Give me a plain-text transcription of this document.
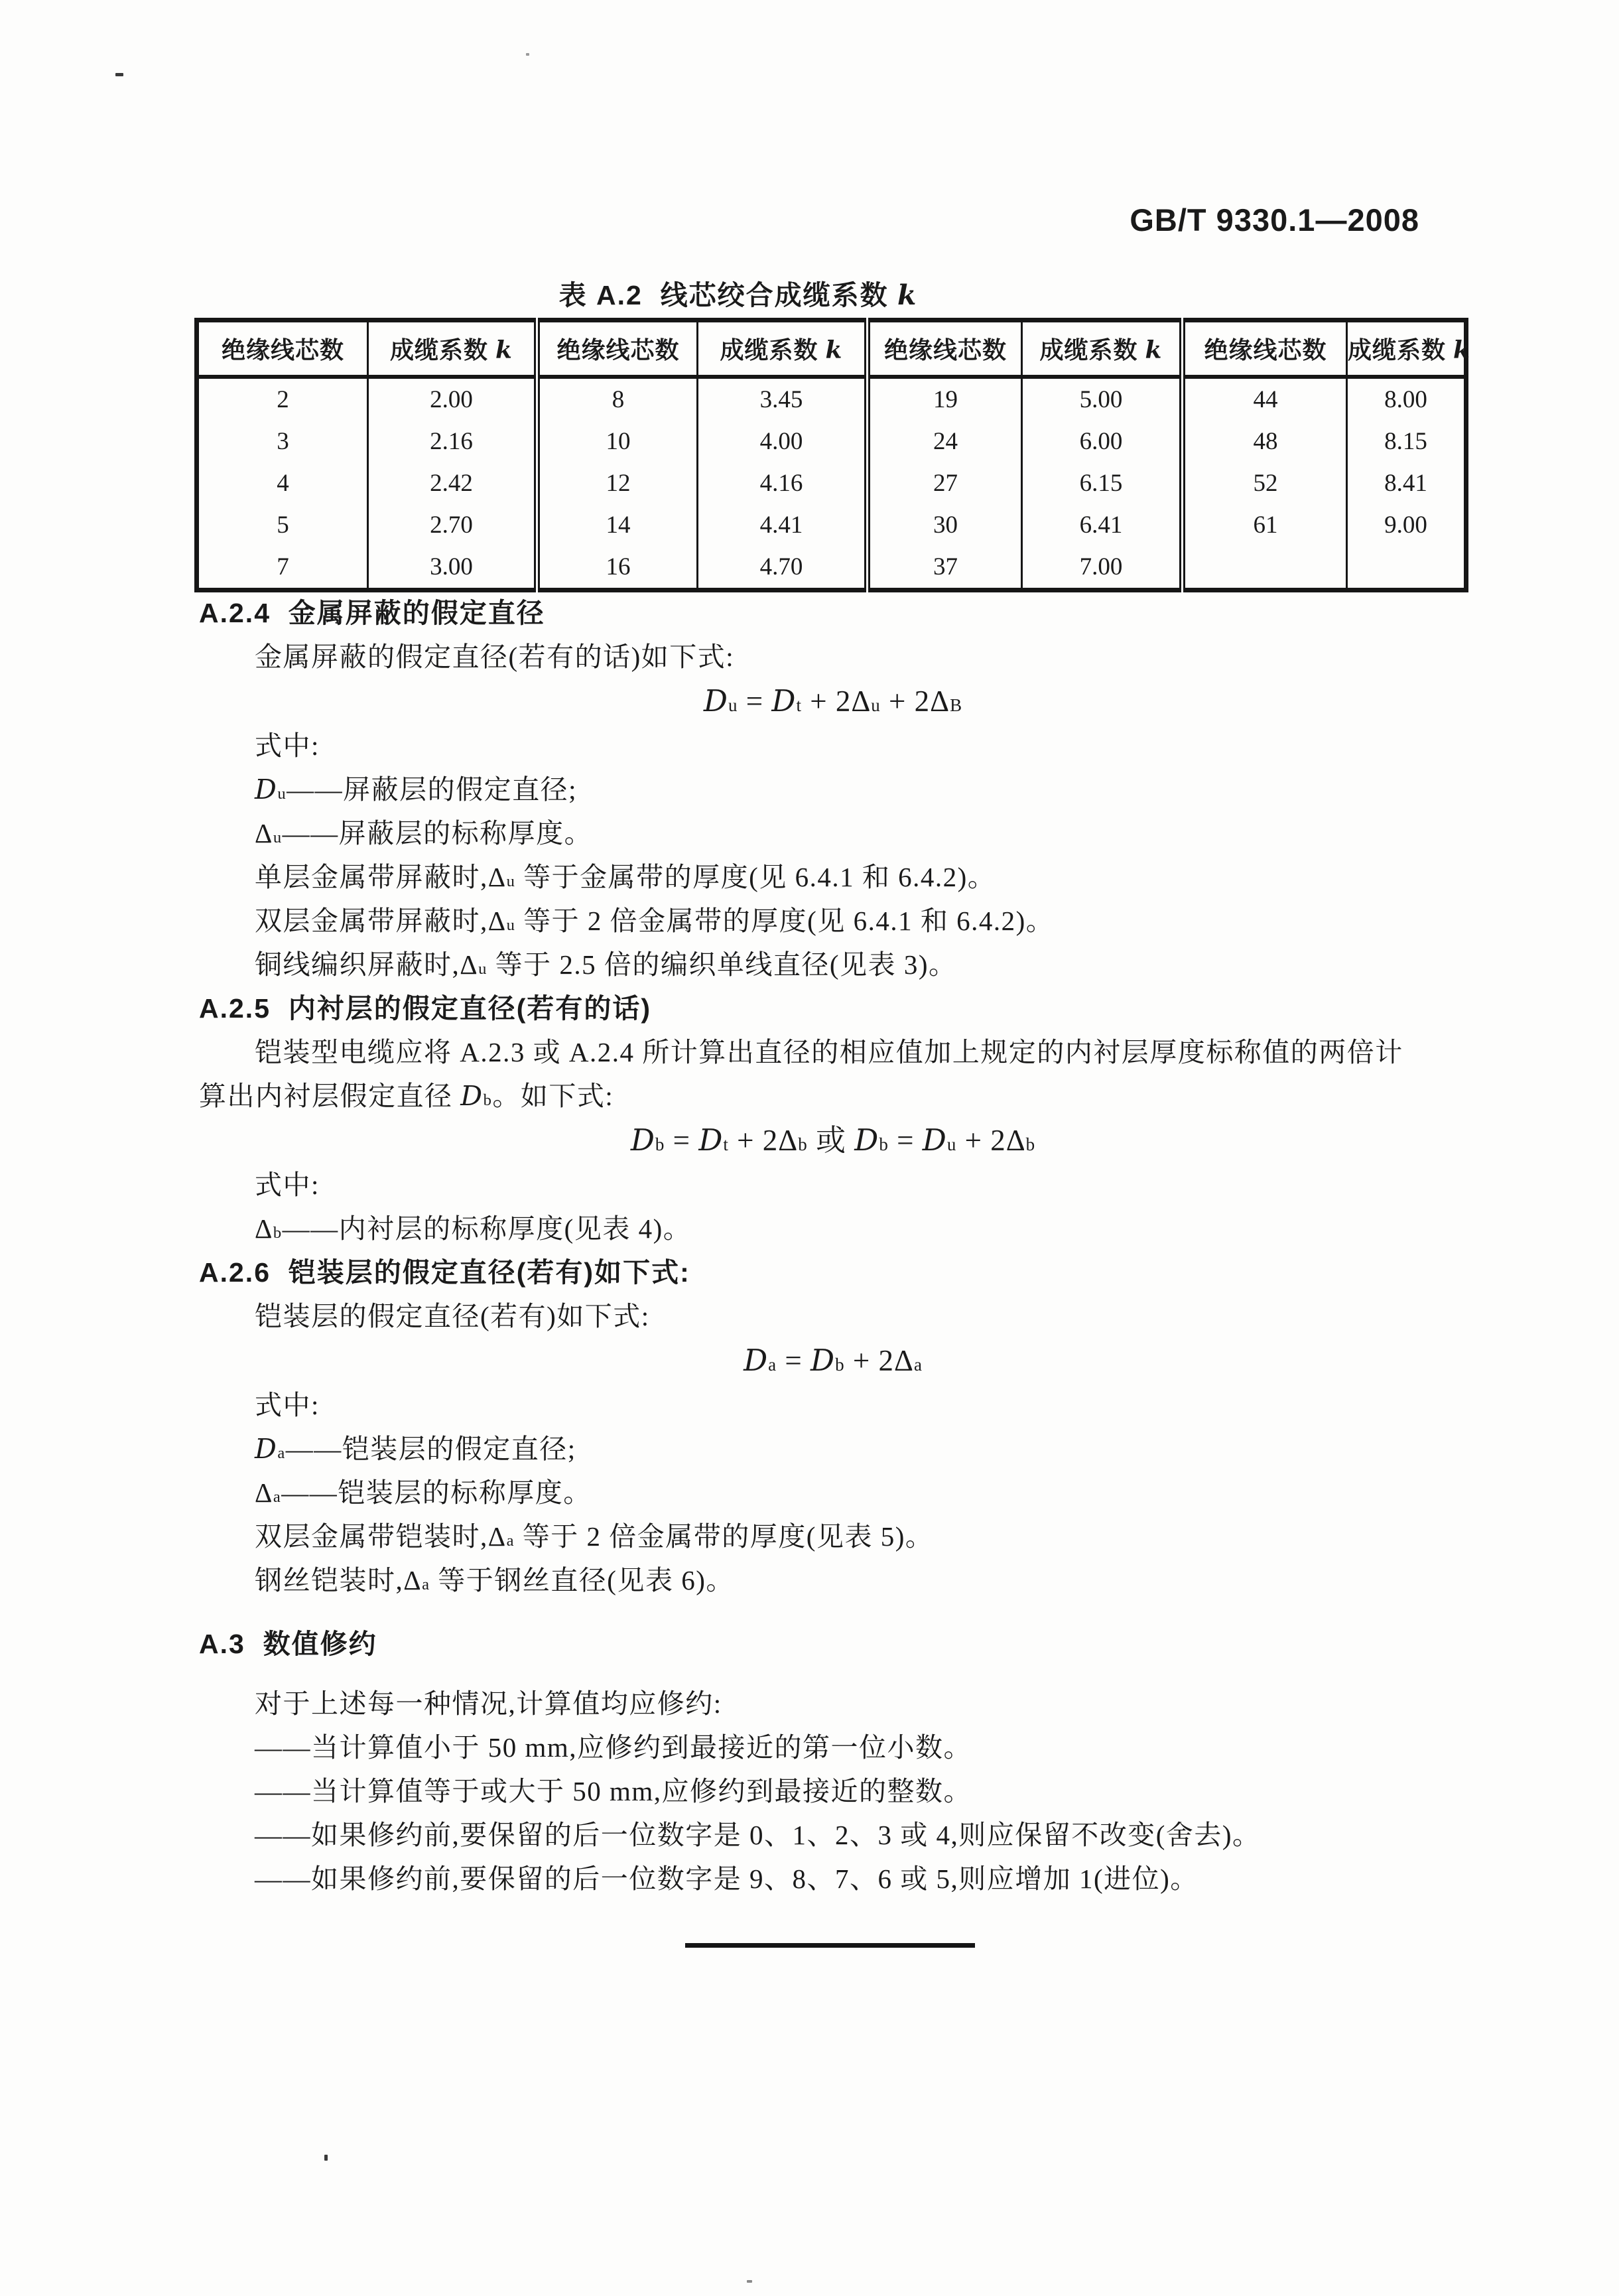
GB/T 9330.1—2008
表 A.2  线芯绞合成缆系数 k
绝缘线芯数	成缆系数 k	绝缘线芯数	成缆系数 k	绝缘线芯数	成缆系数 k	绝缘线芯数	成缆系数 k
2	2.00	8	3.45	19	5.00	44	8.00
3	2.16	10	4.00	24	6.00	48	8.15
4	2.42	12	4.16	27	6.15	52	8.41
5	2.70	14	4.41	30	6.41	61	9.00
7	3.00	16	4.70	37	7.00		
A.2.4  金属屏蔽的假定直径
金属屏蔽的假定直径(若有的话)如下式:
$D_u = D_t + 2\Delta_u + 2\Delta_B$
式中:
$D_u——$屏蔽层的假定直径;
$\Delta_u——$屏蔽层的标称厚度。
单层金属带屏蔽时$,\Delta_u$ 等于金属带的厚度(见 6.4.1 和 6.4.2)。
双层金属带屏蔽时$,\Delta_u$ 等于 2 倍金属带的厚度(见 6.4.1 和 6.4.2)。
铜线编织屏蔽时$,\Delta_u$ 等于 2.5 倍的编织单线直径(见表 3)。
A.2.5  内衬层的假定直径(若有的话)
铠装型电缆应将 A.2.3 或 A.2.4 所计算出直径的相应值加上规定的内衬层厚度标称值的两倍计
算出内衬层假定直径 $D_b$。如下式:
$D_b = D_t + 2\Delta_b$ 或 $D_b = D_u + 2\Delta_b$
式中:
$\Delta_b——$内衬层的标称厚度(见表 4)。
A.2.6  铠装层的假定直径(若有)如下式:
铠装层的假定直径(若有)如下式:
$D_a = D_b + 2\Delta_a$
式中:
$D_a——$铠装层的假定直径;
$\Delta_a——$铠装层的标称厚度。
双层金属带铠装时$,\Delta_a$ 等于 2 倍金属带的厚度(见表 5)。
钢丝铠装时$,\Delta_a$ 等于钢丝直径(见表 6)。
A.3  数值修约
对于上述每一种情况,计算值均应修约:
——当计算值小于 50 mm,应修约到最接近的第一位小数。
——当计算值等于或大于 50 mm,应修约到最接近的整数。
——如果修约前,要保留的后一位数字是 0、1、2、3 或 4,则应保留不改变(舍去)。
——如果修约前,要保留的后一位数字是 9、8、7、6 或 5,则应增加 1(进位)。
